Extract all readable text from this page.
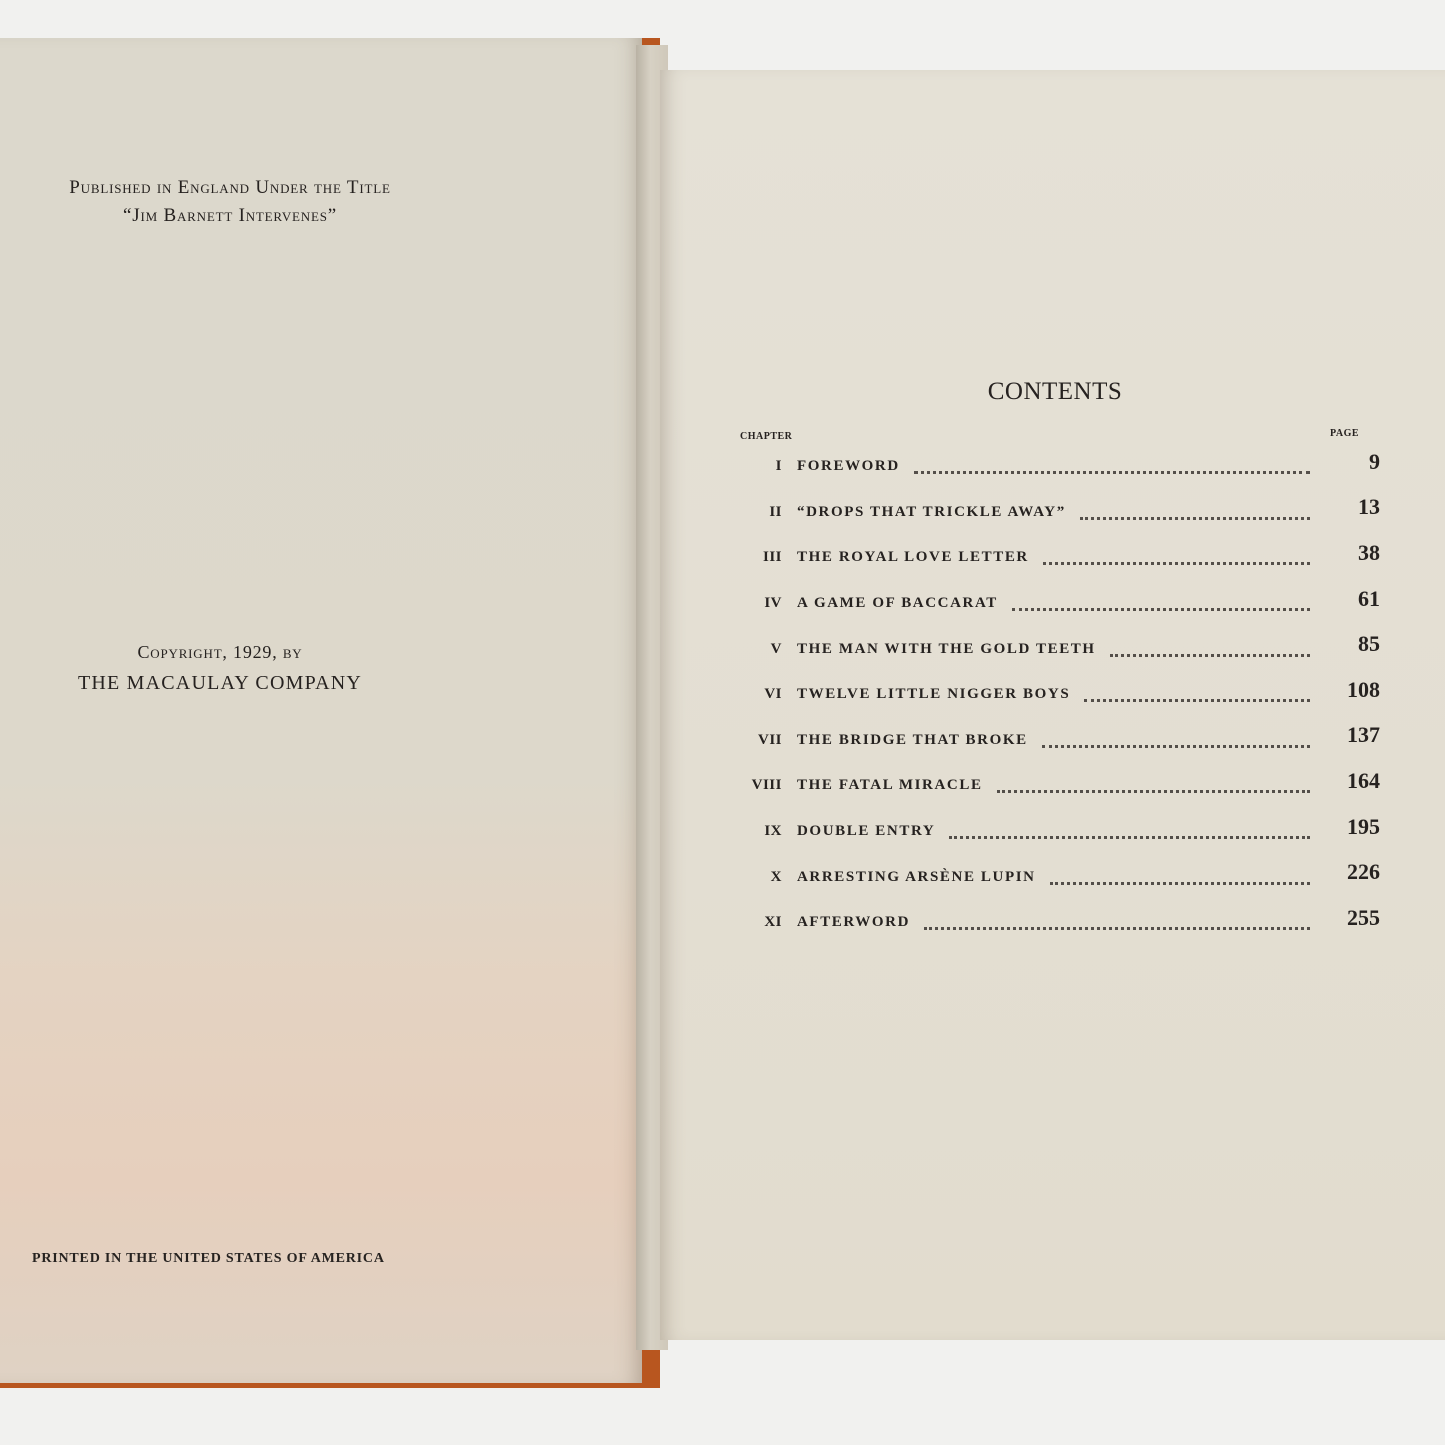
Published in England Under the Title
“Jim Barnett Intervenes”
Copyright, 1929, by
THE MACAULAY COMPANY
PRINTED IN THE UNITED STATES OF AMERICA
CONTENTS
CHAPTER	PAGE
I FOREWORD	9
II “DROPS THAT TRICKLE AWAY”	13
III THE ROYAL LOVE LETTER	38
IV A GAME OF BACCARAT	61
V THE MAN WITH THE GOLD TEETH	85
VI TWELVE LITTLE NIGGER BOYS	108
VII THE BRIDGE THAT BROKE	137
VIII THE FATAL MIRACLE	164
IX DOUBLE ENTRY	195
X ARRESTING ARSÈNE LUPIN	226
XI AFTERWORD	255
